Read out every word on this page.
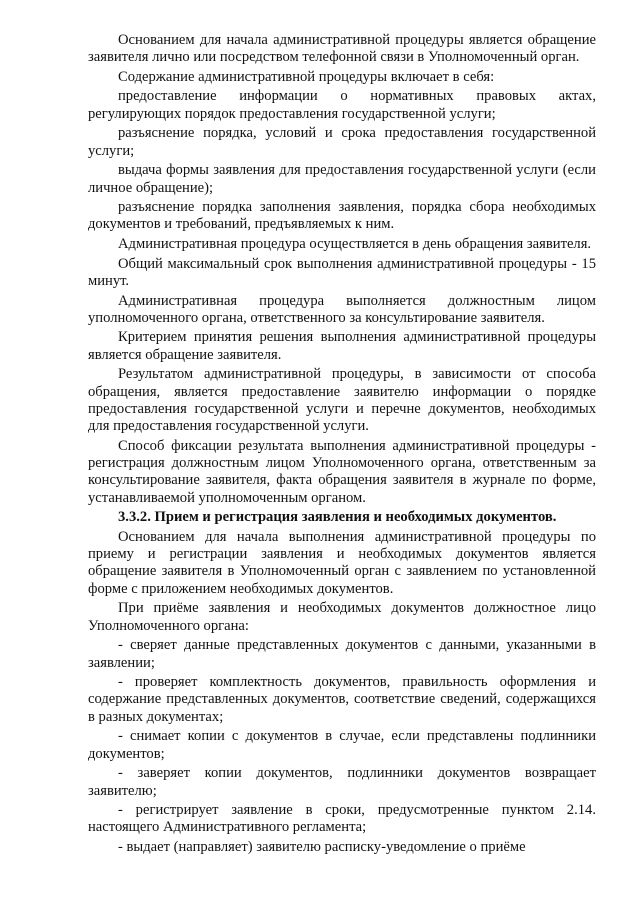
Основанием для начала административной процедуры является обращение заявителя лично или посредством телефонной связи в Уполномоченный орган.

Содержание административной процедуры включает в себя:

предоставление информации о нормативных правовых актах, регулирующих порядок предоставления государственной услуги;

разъяснение порядка, условий и срока предоставления государственной услуги;

выдача формы заявления для предоставления государственной услуги (если личное обращение);

разъяснение порядка заполнения заявления, порядка сбора необходимых документов и требований, предъявляемых к ним.

Административная процедура осуществляется в день обращения заявителя.

Общий максимальный срок выполнения административной процедуры - 15 минут.

Административная процедура выполняется должностным лицом уполномоченного органа, ответственного за консультирование заявителя.

Критерием принятия решения выполнения административной процедуры является обращение заявителя.

Результатом административной процедуры, в зависимости от способа обращения, является предоставление заявителю информации о порядке предоставления государственной услуги и перечне документов, необходимых для предоставления государственной услуги.

Способ фиксации результата выполнения административной процедуры - регистрация должностным лицом Уполномоченного органа, ответственным за консультирование заявителя, факта обращения заявителя в журнале по форме, устанавливаемой уполномоченным органом.

3.3.2. Прием и регистрация заявления и необходимых документов.

Основанием для начала выполнения административной процедуры по приему и регистрации заявления и необходимых документов является обращение заявителя в Уполномоченный орган с заявлением по установленной форме с приложением необходимых документов.

При приёме заявления и необходимых документов должностное лицо Уполномоченного органа:

- сверяет данные представленных документов с данными, указанными в заявлении;

- проверяет комплектность документов, правильность оформления и содержание представленных документов, соответствие сведений, содержащихся в разных документах;

- снимает копии с документов в случае, если представлены подлинники документов;

- заверяет копии документов, подлинники документов возвращает заявителю;

- регистрирует заявление в сроки, предусмотренные пунктом 2.14. настоящего Административного регламента;

- выдает (направляет) заявителю расписку-уведомление о приёме
